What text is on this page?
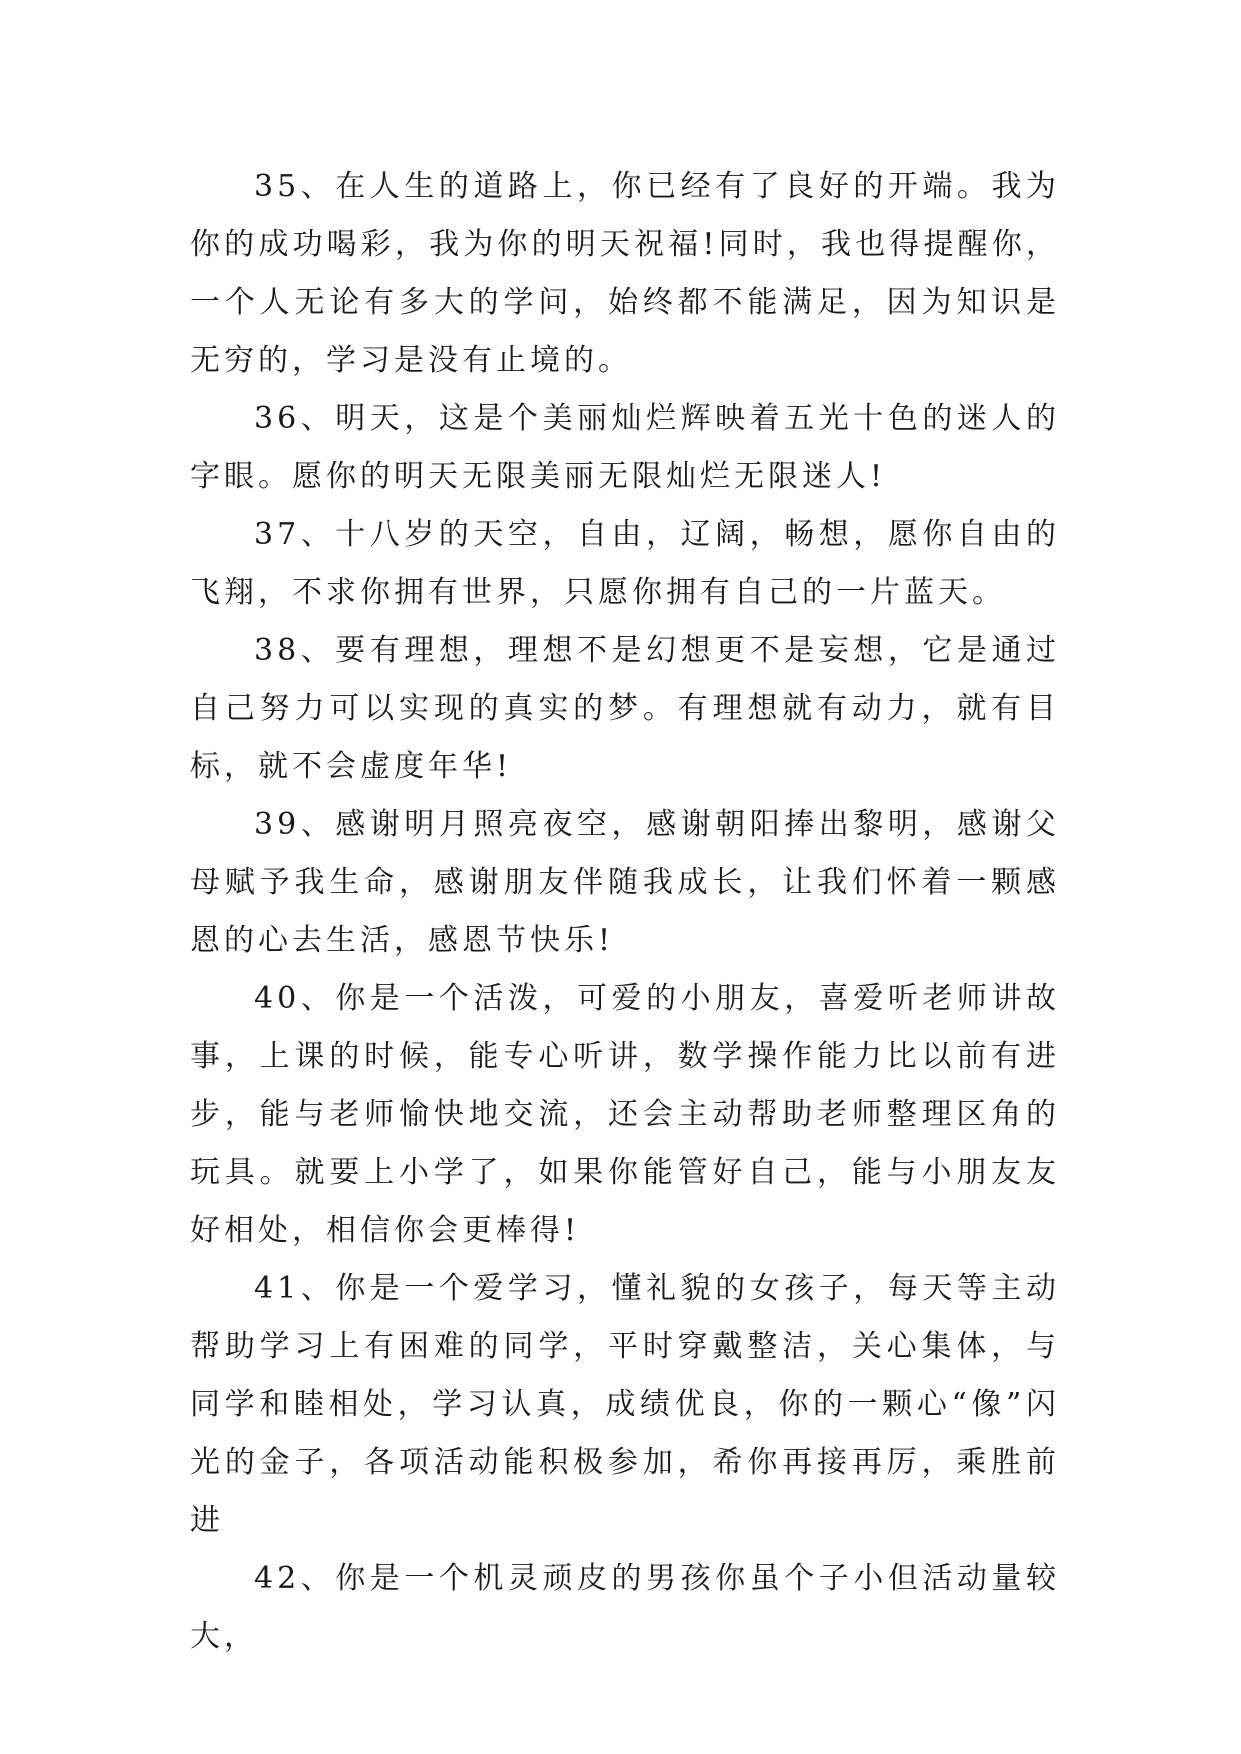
35、在人生的道路上，你已经有了良好的开端。我为你的成功喝彩，我为你的明天祝福!同时，我也得提醒你，一个人无论有多大的学问，始终都不能满足，因为知识是无穷的，学习是没有止境的。

36、明天，这是个美丽灿烂辉映着五光十色的迷人的字眼。愿你的明天无限美丽无限灿烂无限迷人!

37、十八岁的天空，自由，辽阔，畅想，愿你自由的飞翔，不求你拥有世界，只愿你拥有自己的一片蓝天。

38、要有理想，理想不是幻想更不是妄想，它是通过自己努力可以实现的真实的梦。有理想就有动力，就有目标，就不会虚度年华!

39、感谢明月照亮夜空，感谢朝阳捧出黎明，感谢父母赋予我生命，感谢朋友伴随我成长，让我们怀着一颗感恩的心去生活，感恩节快乐!

40、你是一个活泼，可爱的小朋友，喜爱听老师讲故事，上课的时候，能专心听讲，数学操作能力比以前有进步，能与老师愉快地交流，还会主动帮助老师整理区角的玩具。就要上小学了，如果你能管好自己，能与小朋友友好相处，相信你会更棒得!

41、你是一个爱学习，懂礼貌的女孩子，每天等主动帮助学习上有困难的同学，平时穿戴整洁，关心集体，与同学和睦相处，学习认真，成绩优良，你的一颗心“像”闪光的金子，各项活动能积极参加，希你再接再厉，乘胜前进

42、你是一个机灵顽皮的男孩你虽个子小但活动量较大，
